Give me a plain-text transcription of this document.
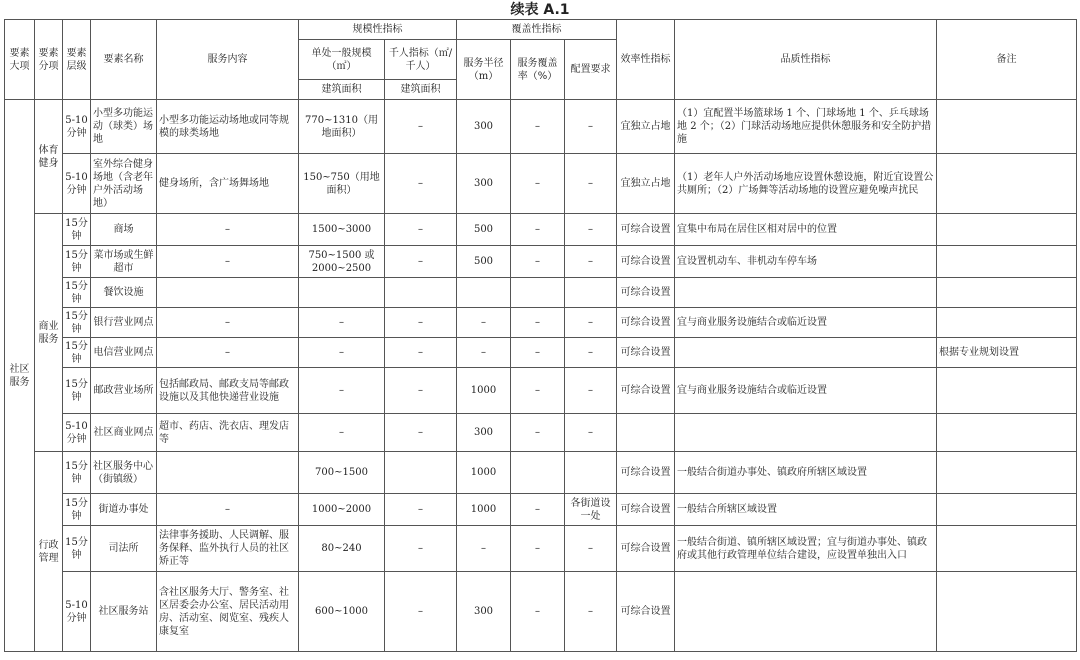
续表 A.1
要素大项	要素分项	要素层级	要素名称	服务内容	规模性指标		覆盖性指标			效率性指标	品质性指标	备注
					单处一般规模（㎡）	千人指标（㎡/千人）	服务半径（m）	服务覆盖率（%）	配置要求			
					建筑面积	建筑面积						
社区服务	体育健身	5-10分钟	小型多功能运动（球类）场地	小型多功能运动场地或同等规模的球类场地	770~1310（用地面积）	–	300	–	–	宜独立占地	（1）宜配置半场篮球场 1 个、门球场地 1 个、乒乓球场地 2 个；（2）门球活动场地应提供休憩服务和安全防护措施	
		5-10分钟	室外综合健身场地（含老年户外活动场地）	健身场所，含广场舞场地	150~750（用地面积）	–	300	–	–	宜独立占地	（1）老年人户外活动场地应设置休憩设施，附近宜设置公共厕所；（2）广场舞等活动场地的设置应避免噪声扰民	
	商业服务	15分钟	商场	–	1500~3000	–	500	–	–	可综合设置	宜集中布局在居住区相对居中的位置	
		15分钟	菜市场或生鲜超市	–	750~1500 或 2000~2500	–	500	–	–	可综合设置	宜设置机动车、非机动车停车场	
		15分钟	餐饮设施							可综合设置		
		15分钟	银行营业网点	–	–	–	–	–	–	可综合设置	宜与商业服务设施结合或临近设置	
		15分钟	电信营业网点	–	–	–	–	–	–	可综合设置		根据专业规划设置
		15分钟	邮政营业场所	包括邮政局、邮政支局等邮政设施以及其他快递营业设施	–	–	1000	–	–	可综合设置	宜与商业服务设施结合或临近设置	
		5-10分钟	社区商业网点	超市、药店、洗衣店、理发店等	–	–	300	–	–			
	行政管理	15分钟	社区服务中心（街镇级）		700~1500		1000			可综合设置	一般结合街道办事处、镇政府所辖区域设置	
		15分钟	街道办事处	–	1000~2000	–	1000	–	各街道设一处	可综合设置	一般结合所辖区域设置	
		15分钟	司法所	法律事务援助、人民调解、服务保释、监外执行人员的社区矫正等	80~240	–	–	–	–	可综合设置	一般结合街道、镇所辖区域设置；宜与街道办事处、镇政府或其他行政管理单位结合建设，应设置单独出入口	
		5-10分钟	社区服务站	含社区服务大厅、警务室、社区居委会办公室、居民活动用房、活动室、阅览室、残疾人康复室	600~1000	–	300	–	–	可综合设置		
